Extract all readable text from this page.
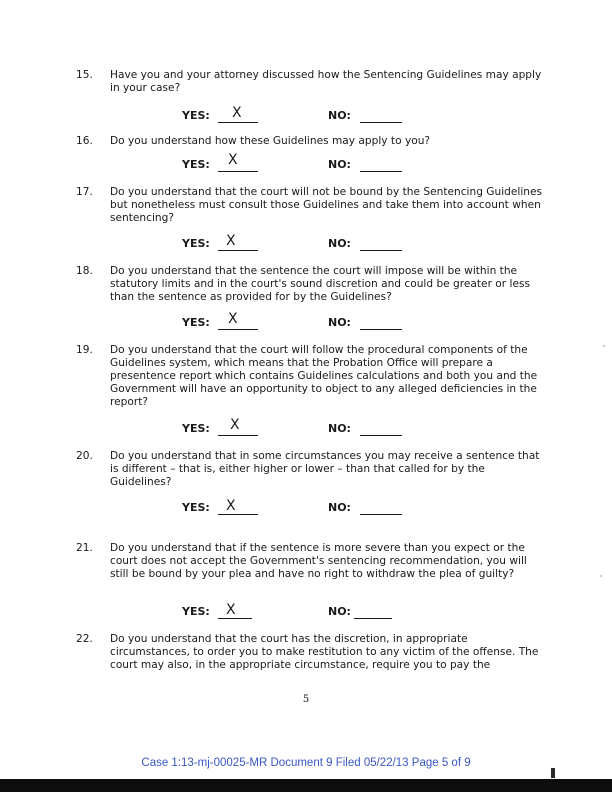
15.	Have you and your attorney discussed how the Sentencing Guidelines may apply in your case?
YES: X	NO:
16.	Do you understand how these Guidelines may apply to you?
YES: X	NO:
17.	Do you understand that the court will not be bound by the Sentencing Guidelines but nonetheless must consult those Guidelines and take them into account when sentencing?
YES: X	NO:
18.	Do you understand that the sentence the court will impose will be within the statutory limits and in the court's sound discretion and could be greater or less than the sentence as provided for by the Guidelines?
YES: X	NO:
19.	Do you understand that the court will follow the procedural components of the Guidelines system, which means that the Probation Office will prepare a presentence report which contains Guidelines calculations and both you and the Government will have an opportunity to object to any alleged deficiencies in the report?
YES: X	NO:
20.	Do you understand that in some circumstances you may receive a sentence that is different – that is, either higher or lower – than that called for by the Guidelines?
YES: X	NO:
21.	Do you understand that if the sentence is more severe than you expect or the court does not accept the Government's sentencing recommendation, you will still be bound by your plea and have no right to withdraw the plea of guilty?
YES: X	NO:
22.	Do you understand that the court has the discretion, in appropriate circumstances, to order you to make restitution to any victim of the offense. The court may also, in the appropriate circumstance, require you to pay the
5
Case 1:13-mj-00025-MR Document 9 Filed 05/22/13 Page 5 of 9
